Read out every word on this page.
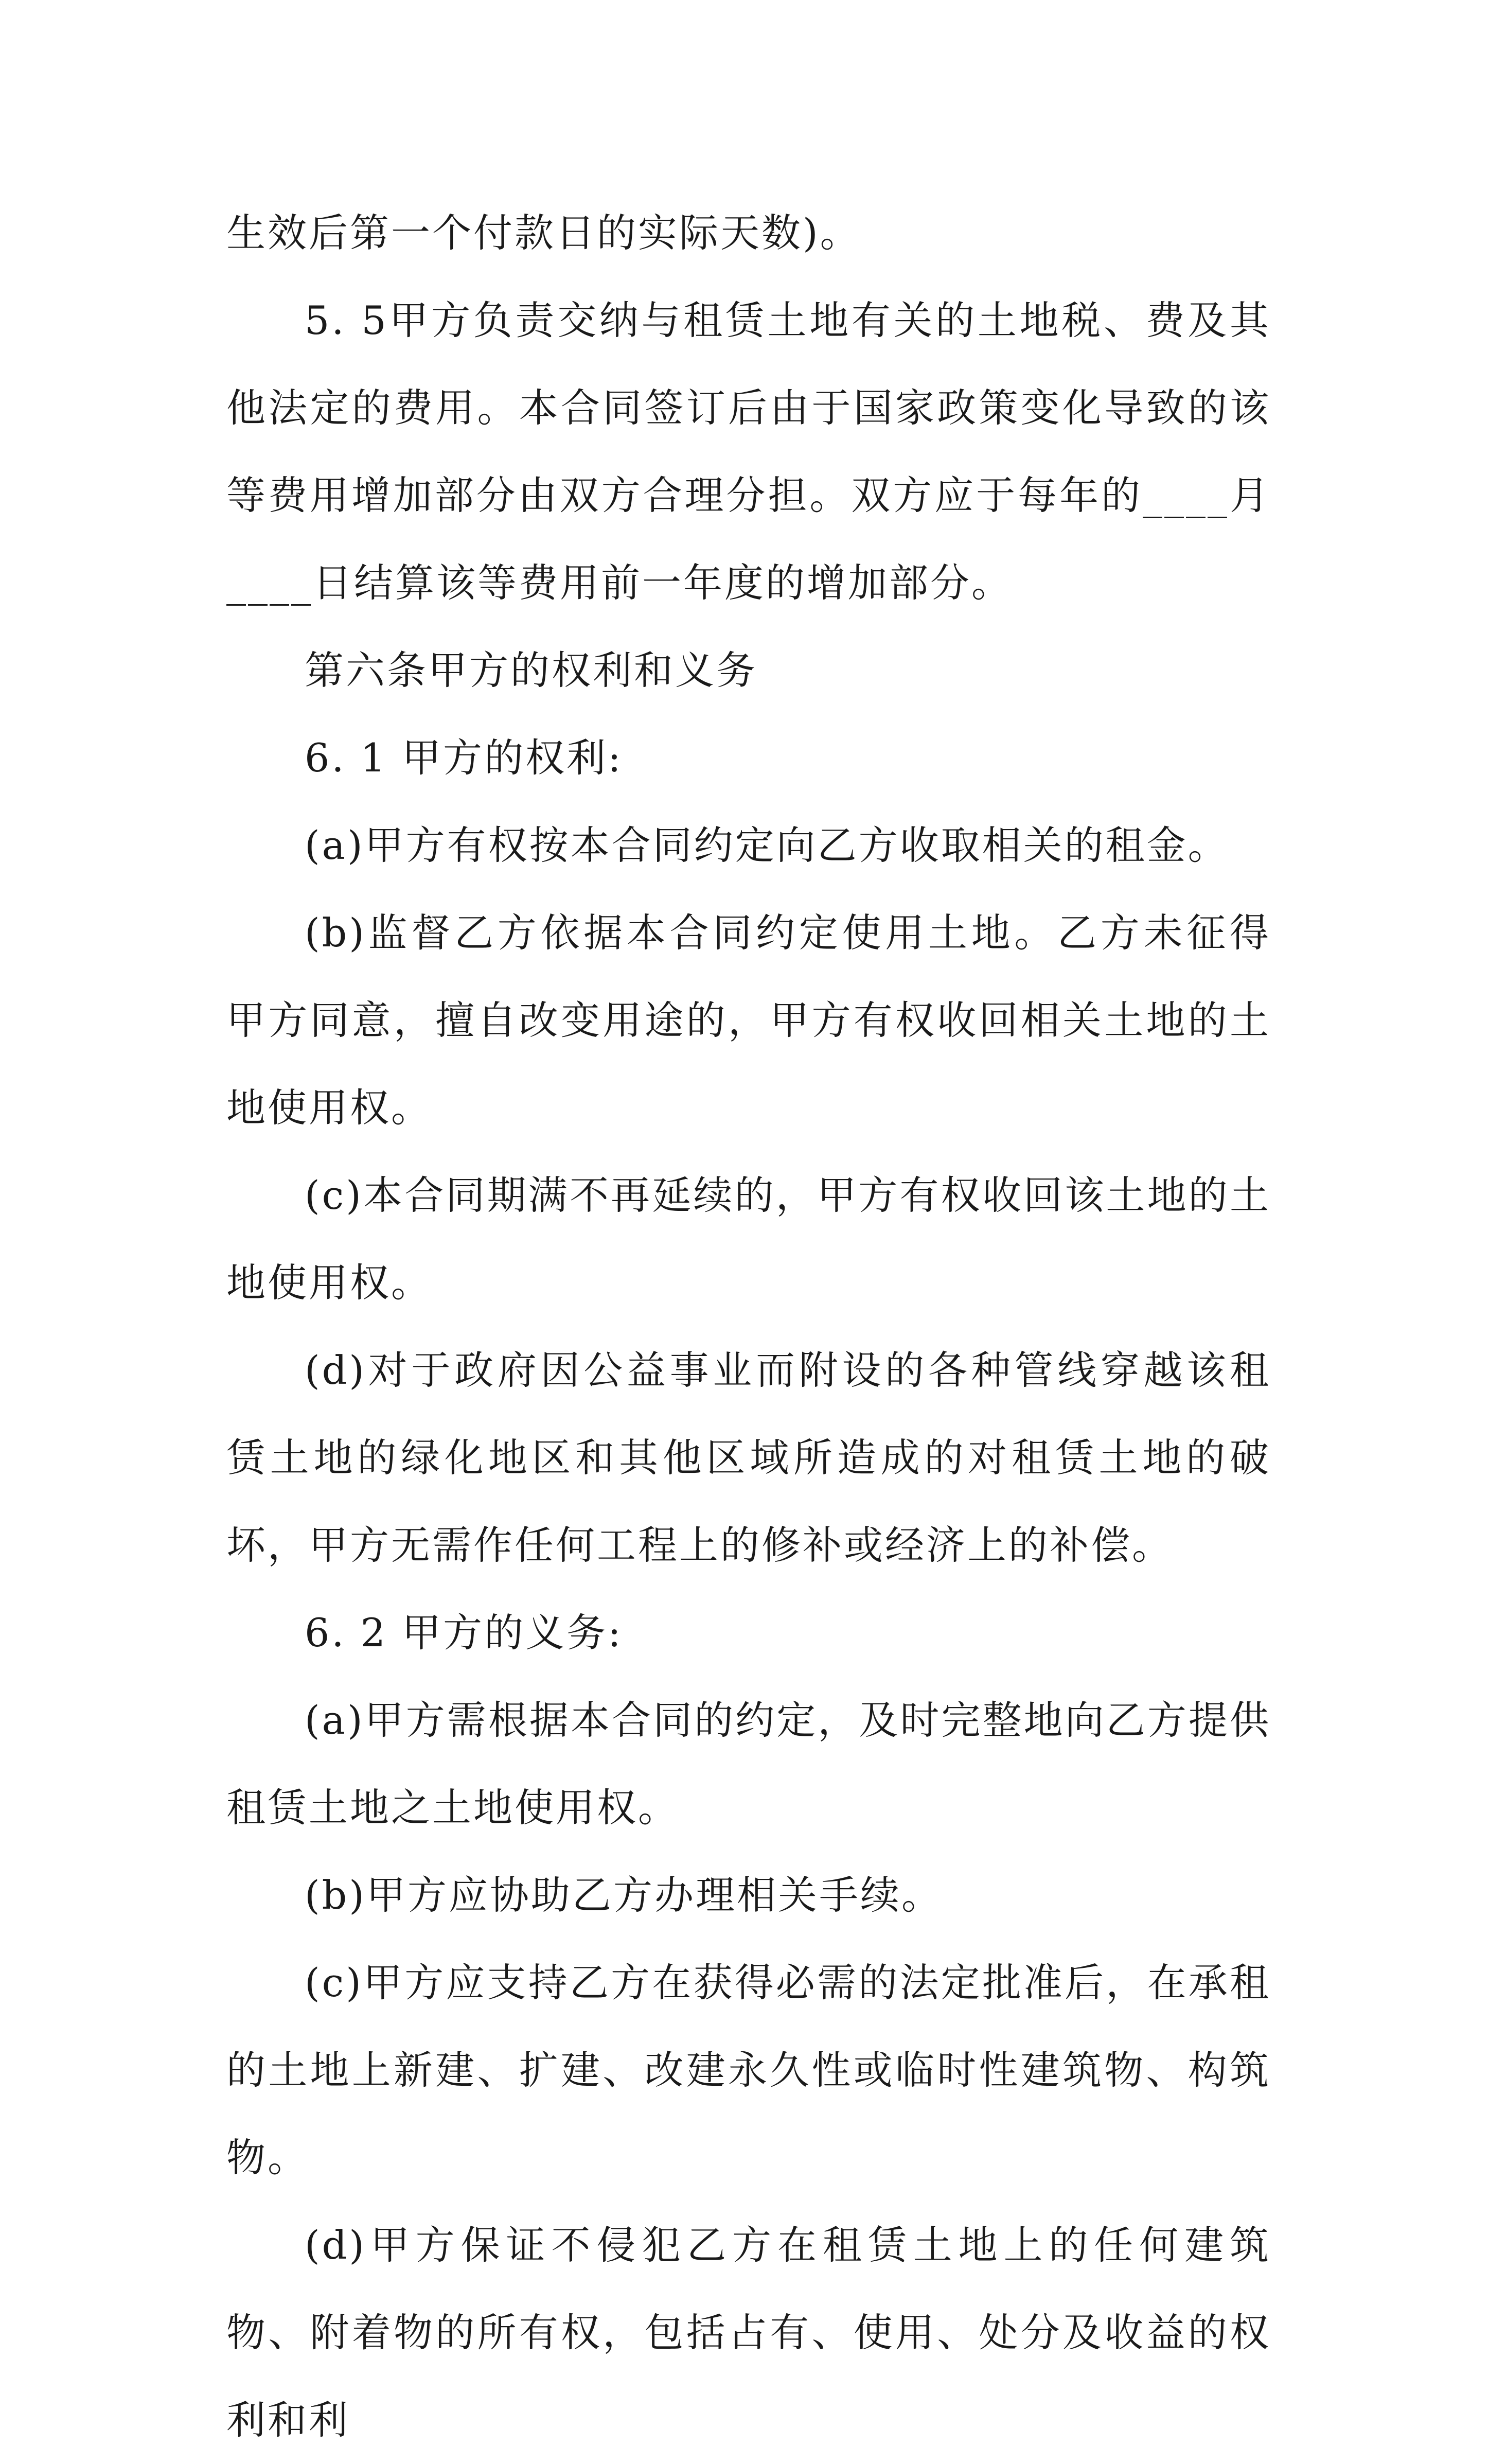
生效后第一个付款日的实际天数)。

5. 5甲方负责交纳与租赁土地有关的土地税、费及其他法定的费用。本合同签订后由于国家政策变化导致的该等费用增加部分由双方合理分担。双方应于每年的____月____日结算该等费用前一年度的增加部分。

第六条甲方的权利和义务

6. 1 甲方的权利:

(a)甲方有权按本合同约定向乙方收取相关的租金。

(b)监督乙方依据本合同约定使用土地。乙方未征得甲方同意，擅自改变用途的，甲方有权收回相关土地的土地使用权。

(c)本合同期满不再延续的，甲方有权收回该土地的土地使用权。

(d)对于政府因公益事业而附设的各种管线穿越该租赁土地的绿化地区和其他区域所造成的对租赁土地的破坏，甲方无需作任何工程上的修补或经济上的补偿。

6. 2 甲方的义务:

(a)甲方需根据本合同的约定，及时完整地向乙方提供租赁土地之土地使用权。

(b)甲方应协助乙方办理相关手续。

(c)甲方应支持乙方在获得必需的法定批准后，在承租的土地上新建、扩建、改建永久性或临时性建筑物、构筑物。

(d)甲方保证不侵犯乙方在租赁土地上的任何建筑物、附着物的所有权，包括占有、使用、处分及收益的权利和利
